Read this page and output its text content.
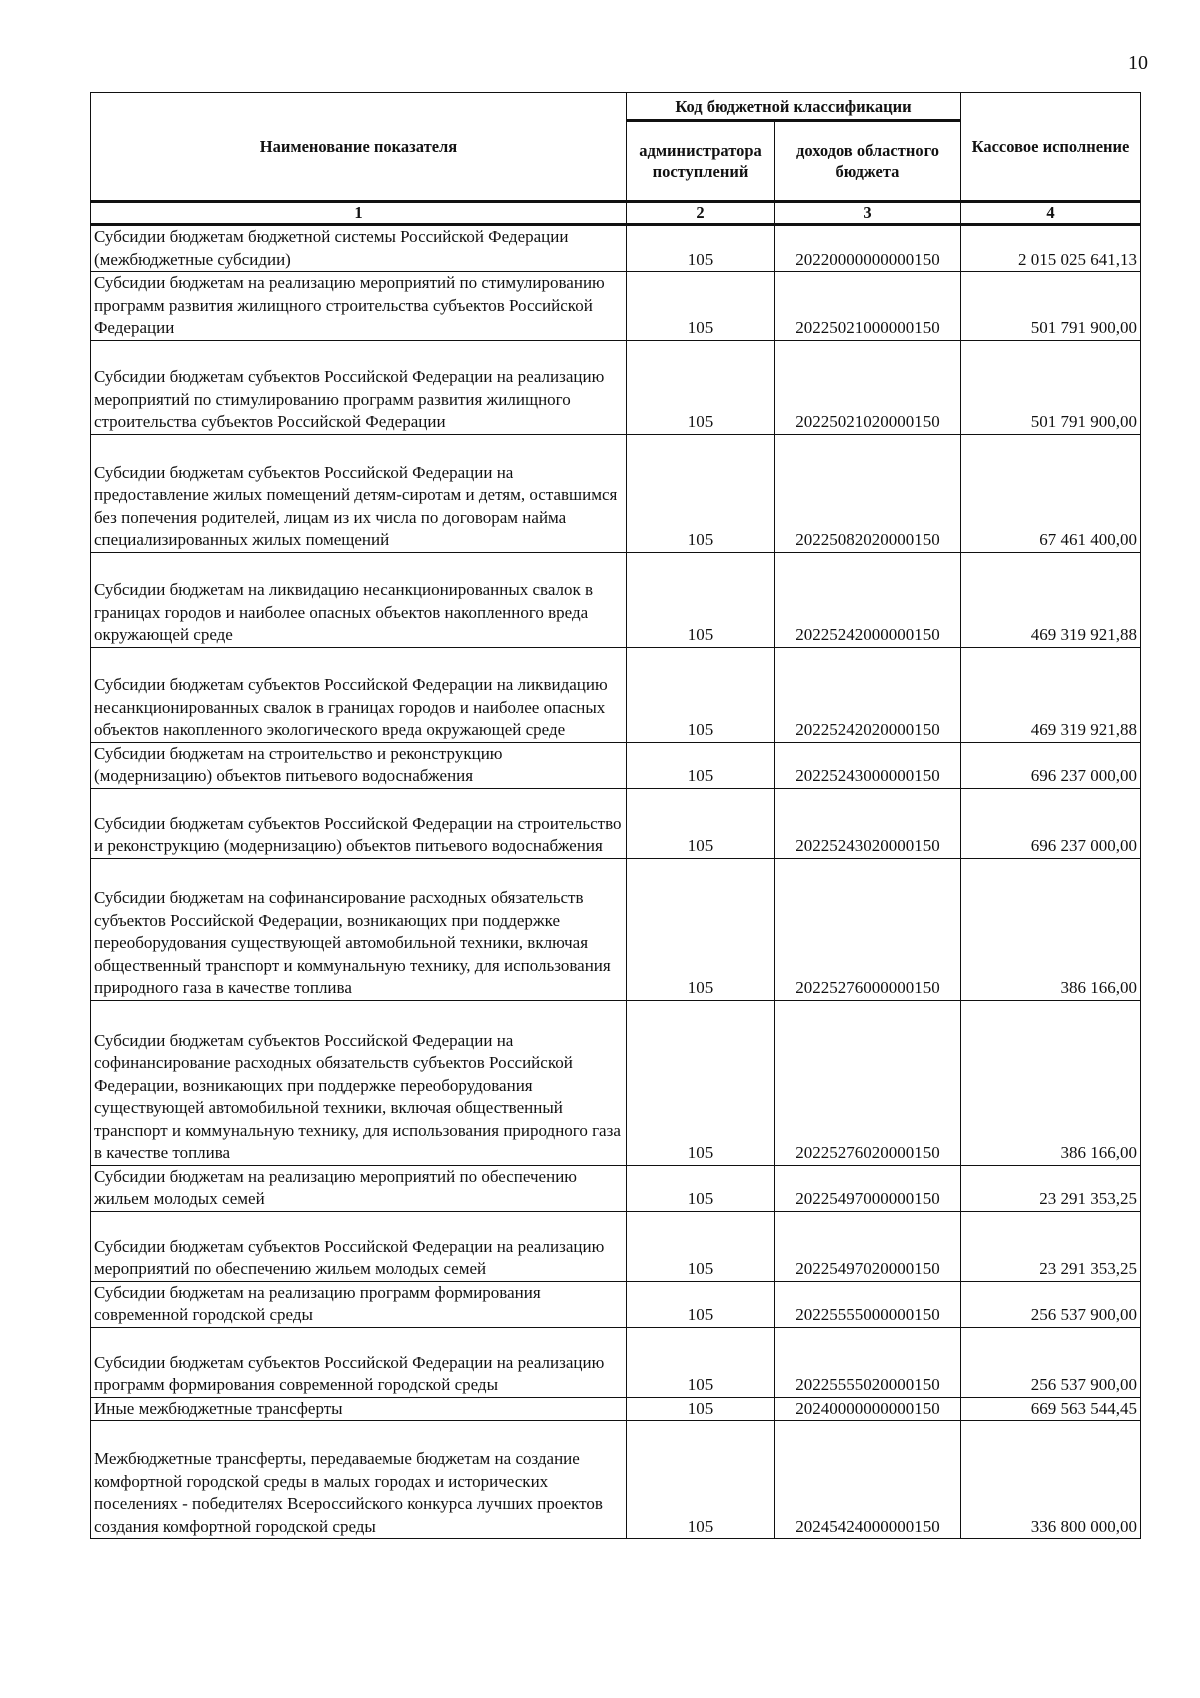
10
Наименование показателя	Код бюджетной классификации		Кассовое исполнение
	администратора поступлений	доходов областного бюджета	
1	2	3	4
Субсидии бюджетам бюджетной системы Российской Федерации (межбюджетные субсидии)	105	20220000000000150	2 015 025 641,13
Субсидии бюджетам на реализацию мероприятий по стимулированию программ развития жилищного строительства субъектов Российской Федерации	105	20225021000000150	501 791 900,00
Субсидии бюджетам субъектов Российской Федерации на реализацию мероприятий по стимулированию программ развития жилищного строительства субъектов Российской Федерации	105	20225021020000150	501 791 900,00
Субсидии бюджетам субъектов Российской Федерации на предоставление жилых помещений детям-сиротам и детям, оставшимся без попечения родителей, лицам из их числа по договорам найма специализированных жилых помещений	105	20225082020000150	67 461 400,00
Субсидии бюджетам на ликвидацию несанкционированных свалок в границах городов и наиболее опасных объектов накопленного вреда окружающей среде	105	20225242000000150	469 319 921,88
Субсидии бюджетам субъектов Российской Федерации на ликвидацию несанкционированных свалок в границах городов и наиболее опасных объектов накопленного экологического вреда окружающей среде	105	20225242020000150	469 319 921,88
Субсидии бюджетам на строительство и реконструкцию (модернизацию) объектов питьевого водоснабжения	105	20225243000000150	696 237 000,00
Субсидии бюджетам субъектов Российской Федерации на строительство и реконструкцию (модернизацию) объектов питьевого водоснабжения	105	20225243020000150	696 237 000,00
Субсидии бюджетам на софинансирование расходных обязательств субъектов Российской Федерации, возникающих при поддержке переоборудования существующей автомобильной техники, включая общественный транспорт и коммунальную технику, для использования природного газа в качестве топлива	105	20225276000000150	386 166,00
Субсидии бюджетам субъектов Российской Федерации на софинансирование расходных обязательств субъектов Российской Федерации, возникающих при поддержке переоборудования существующей автомобильной техники, включая общественный транспорт и коммунальную технику, для использования природного газа в качестве топлива	105	20225276020000150	386 166,00
Субсидии бюджетам на реализацию мероприятий по обеспечению жильем молодых семей	105	20225497000000150	23 291 353,25
Субсидии бюджетам субъектов Российской Федерации на реализацию мероприятий по обеспечению жильем молодых семей	105	20225497020000150	23 291 353,25
Субсидии бюджетам на реализацию программ формирования современной городской среды	105	20225555000000150	256 537 900,00
Субсидии бюджетам субъектов Российской Федерации на реализацию программ формирования современной городской среды	105	20225555020000150	256 537 900,00
Иные межбюджетные трансферты	105	20240000000000150	669 563 544,45
Межбюджетные трансферты, передаваемые бюджетам на создание комфортной городской среды в малых городах и исторических поселениях - победителях Всероссийского конкурса лучших проектов создания комфортной городской среды	105	20245424000000150	336 800 000,00
